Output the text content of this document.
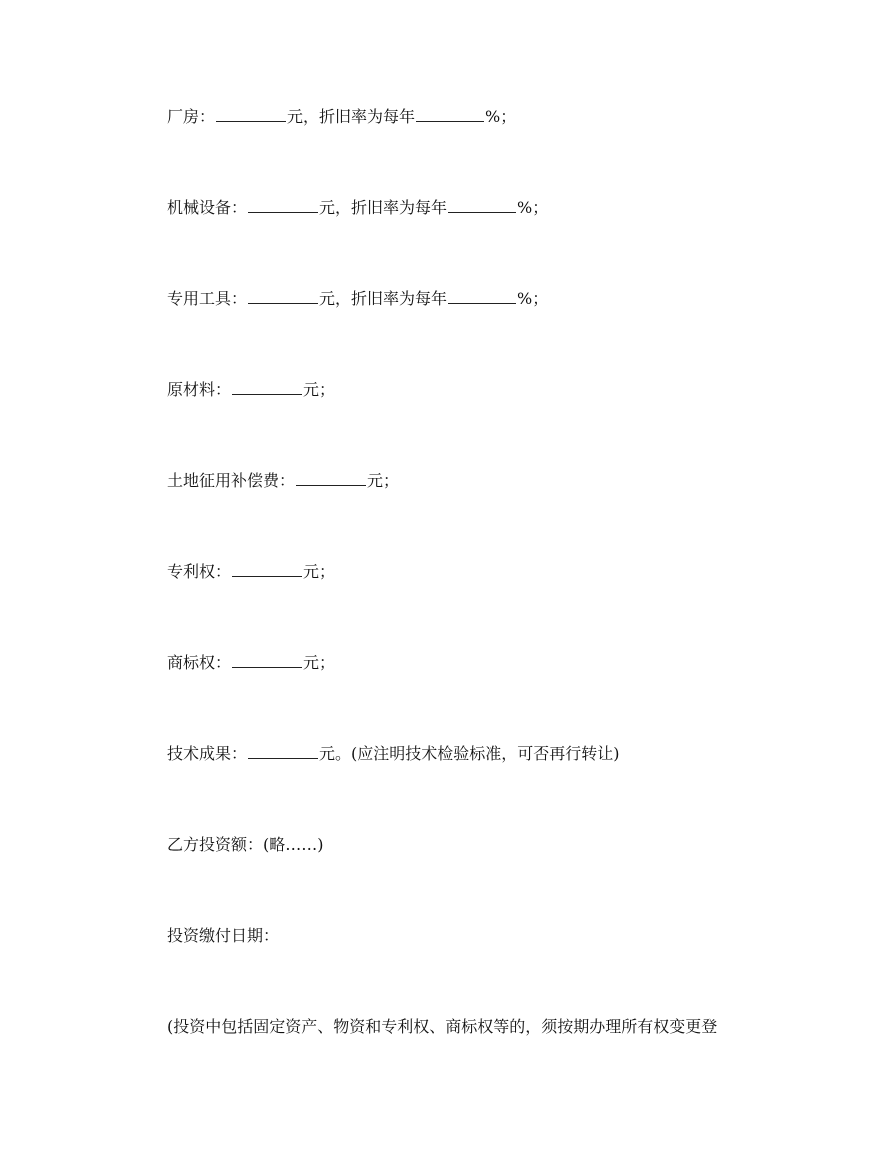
厂房：	元，折旧率为每年	%；
机械设备：	元，折旧率为每年	%；
专用工具：	元，折旧率为每年	%；
原材料：	元；
土地征用补偿费：	元；
专利权：	元；
商标权：	元；
技术成果：	元。(应注明技术检验标准，可否再行转让)
乙方投资额：(略……)
投资缴付日期：
(投资中包括固定资产、物资和专利权、商标权等的，须按期办理所有权变更登
